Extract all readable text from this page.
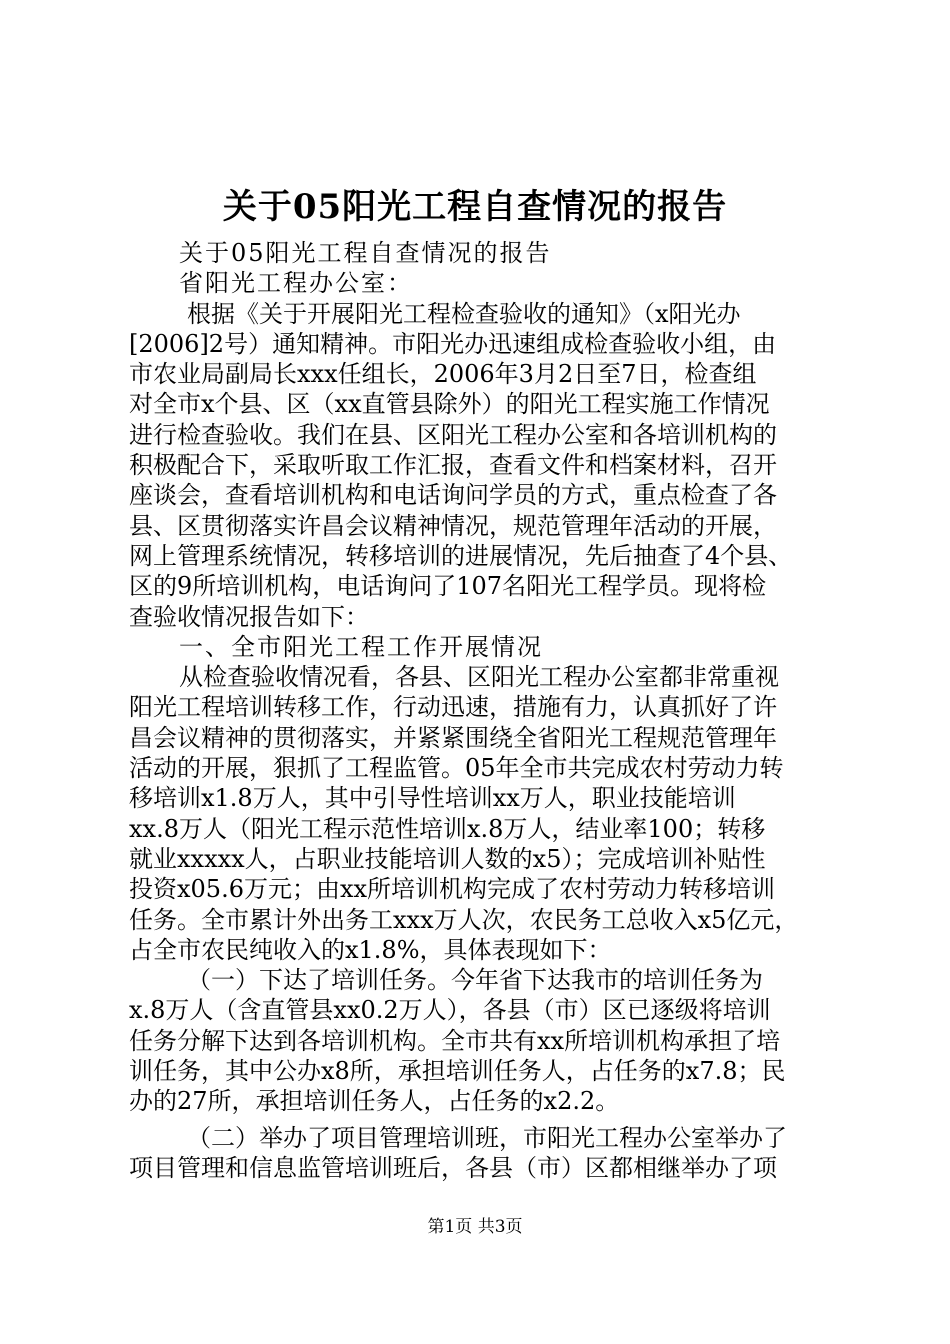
关于05阳光工程自查情况的报告
关于05阳光工程自查情况的报告
省阳光工程办公室：
根据《关于开展阳光工程检查验收的通知》（x阳光办
[2006]2号）通知精神。市阳光办迅速组成检查验收小组，由
市农业局副局长xxx任组长，2006年3月2日至7日，检查组
对全市x个县、区（xx直管县除外）的阳光工程实施工作情况
进行检查验收。我们在县、区阳光工程办公室和各培训机构的
积极配合下，采取听取工作汇报，查看文件和档案材料，召开
座谈会，查看培训机构和电话询问学员的方式，重点检查了各
县、区贯彻落实许昌会议精神情况，规范管理年活动的开展，
网上管理系统情况，转移培训的进展情况，先后抽查了4个县、
区的9所培训机构，电话询问了107名阳光工程学员。现将检
查验收情况报告如下：
一、全市阳光工程工作开展情况
从检查验收情况看，各县、区阳光工程办公室都非常重视
阳光工程培训转移工作，行动迅速，措施有力，认真抓好了许
昌会议精神的贯彻落实，并紧紧围绕全省阳光工程规范管理年
活动的开展，狠抓了工程监管。05年全市共完成农村劳动力转
移培训x1.8万人，其中引导性培训xx万人，职业技能培训
xx.8万人（阳光工程示范性培训x.8万人，结业率100；转移
就业xxxxx人，占职业技能培训人数的x5）；完成培训补贴性
投资x05.6万元；由xx所培训机构完成了农村劳动力转移培训
任务。全市累计外出务工xxx万人次，农民务工总收入x5亿元，
占全市农民纯收入的x1.8%，具体表现如下：
（一）下达了培训任务。今年省下达我市的培训任务为
x.8万人（含直管县xx0.2万人），各县（市）区已逐级将培训
任务分解下达到各培训机构。全市共有xx所培训机构承担了培
训任务，其中公办x8所，承担培训任务人，占任务的x7.8；民
办的27所，承担培训任务人，占任务的x2.2。
（二）举办了项目管理培训班，市阳光工程办公室举办了
项目管理和信息监管培训班后，各县（市）区都相继举办了项
第1页 共3页
